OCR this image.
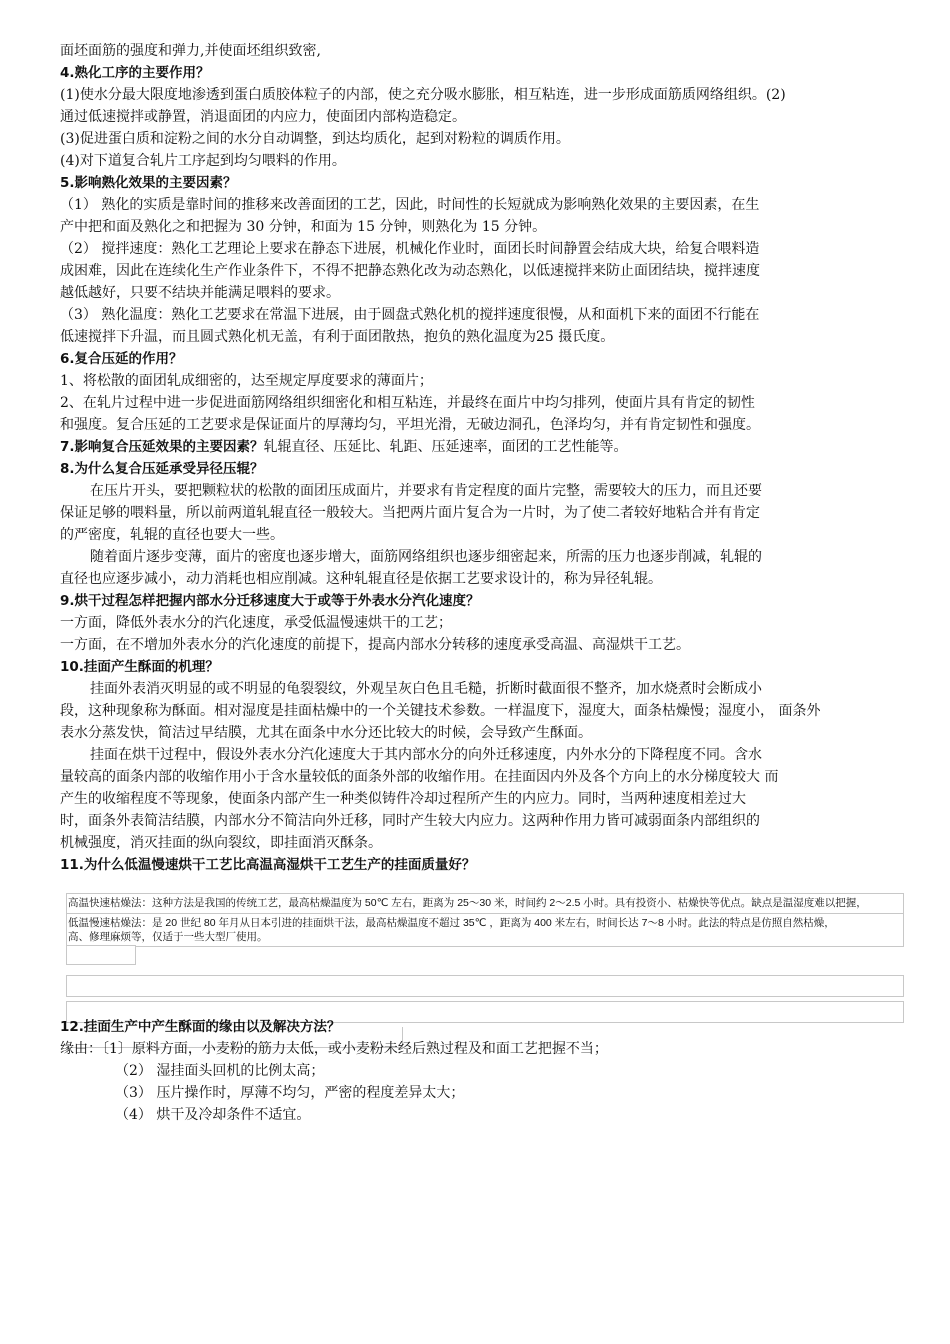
面坯面筋的强度和弹力,并使面坯组织致密,
4.熟化工序的主要作用？
(1)使水分最大限度地渗透到蛋白质胶体粒子的内部，使之充分吸水膨胀，相互粘连，进一步形成面筋质网络组织。(2)
通过低速搅拌或静置，消退面团的内应力，使面团内部构造稳定。
(3)促进蛋白质和淀粉之间的水分自动调整，到达均质化，起到对粉粒的调质作用。
(4)对下道复合轧片工序起到均匀喂料的作用。
5.影响熟化效果的主要因素？
（1） 熟化的实质是靠时间的推移来改善面团的工艺，因此，时间性的长短就成为影响熟化效果的主要因素，在生
产中把和面及熟化之和把握为 30 分钟，和面为 15 分钟，则熟化为 15 分钟。
（2） 搅拌速度：熟化工艺理论上要求在静态下进展，机械化作业时，面团长时间静置会结成大块，给复合喂料造
成困难，因此在连续化生产作业条件下，不得不把静态熟化改为动态熟化，以低速搅拌来防止面团结块，搅拌速度
越低越好，只要不结块并能满足喂料的要求。
（3） 熟化温度：熟化工艺要求在常温下进展，由于圆盘式熟化机的搅拌速度很慢，从和面机下来的面团不行能在
低速搅拌下升温，而且圆式熟化机无盖，有利于面团散热，抱负的熟化温度为25 摄氏度。
6.复合压延的作用？
1、将松散的面团轧成细密的，达至规定厚度要求的薄面片；
2、在轧片过程中进一步促进面筋网络组织细密化和相互粘连，并最终在面片中均匀排列，使面片具有肯定的韧性
和强度。复合压延的工艺要求是保证面片的厚薄均匀，平坦光滑，无破边洞孔，色泽均匀，并有肯定韧性和强度。
7.影响复合压延效果的主要因素？轧辊直径、压延比、轧距、压延速率，面团的工艺性能等。
8.为什么复合压延承受异径压辊？
在压片开头，要把颗粒状的松散的面团压成面片，并要求有肯定程度的面片完整，需要较大的压力，而且还要
保证足够的喂料量，所以前两道轧辊直径一般较大。当把两片面片复合为一片时，为了使二者较好地粘合并有肯定
的严密度，轧辊的直径也要大一些。
随着面片逐步变薄，面片的密度也逐步增大，面筋网络组织也逐步细密起来，所需的压力也逐步削减，轧辊的
直径也应逐步减小，动力消耗也相应削减。这种轧辊直径是依据工艺要求设计的，称为异径轧辊。
9.烘干过程怎样把握内部水分迁移速度大于或等于外表水分汽化速度？
一方面，降低外表水分的汽化速度，承受低温慢速烘干的工艺；
一方面，在不增加外表水分的汽化速度的前提下，提高内部水分转移的速度承受高温、高湿烘干工艺。
10.挂面产生酥面的机理？
挂面外表消灭明显的或不明显的龟裂裂纹，外观呈灰白色且毛糙，折断时截面很不整齐，加水烧煮时会断成小
段，这种现象称为酥面。相对湿度是挂面枯燥中的一个关键技术参数。一样温度下，湿度大，面条枯燥慢；湿度小， 面条外
表水分蒸发快，简洁过早结膜，尤其在面条中水分还比较大的时候，会导致产生酥面。
挂面在烘干过程中，假设外表水分汽化速度大于其内部水分的向外迁移速度，内外水分的下降程度不同。含水
量较高的面条内部的收缩作用小于含水量较低的面条外部的收缩作用。在挂面因内外及各个方向上的水分梯度较大 而
产生的收缩程度不等现象，使面条内部产生一种类似铸件冷却过程所产生的内应力。同时，当两种速度相差过大
时，面条外表简洁结膜，内部水分不简洁向外迁移，同时产生较大内应力。这两种作用力皆可减弱面条内部组织的
机械强度，消灭挂面的纵向裂纹，即挂面消灭酥条。
11.为什么低温慢速烘干工艺比高温高湿烘干工艺生产的挂面质量好？
高温快速枯燥法：这种方法是我国的传统工艺，最高枯燥温度为 50℃ 左右，距离为 25～30 米，时间约 2～2.5 小时。具有投资小、枯燥快等优点。缺点是温湿度难以把握，
低温慢速枯燥法：是 20 世纪 80 年月从日本引进的挂面烘干法，最高枯燥温度不超过 35℃ ，距离为 400 米左右，时间长达 7～8 小时。此法的特点是仿照自然枯燥，
高、修理麻烦等，仅适于一些大型厂使用。
12.挂面生产中产生酥面的缘由以及解决方法？
缘由：〔1〕原料方面，小麦粉的筋力太低，或小麦粉未经后熟过程及和面工艺把握不当；
（2） 湿挂面头回机的比例太高；
（3） 压片操作时，厚薄不均匀，严密的程度差异太大；
（4） 烘干及冷却条件不适宜。
